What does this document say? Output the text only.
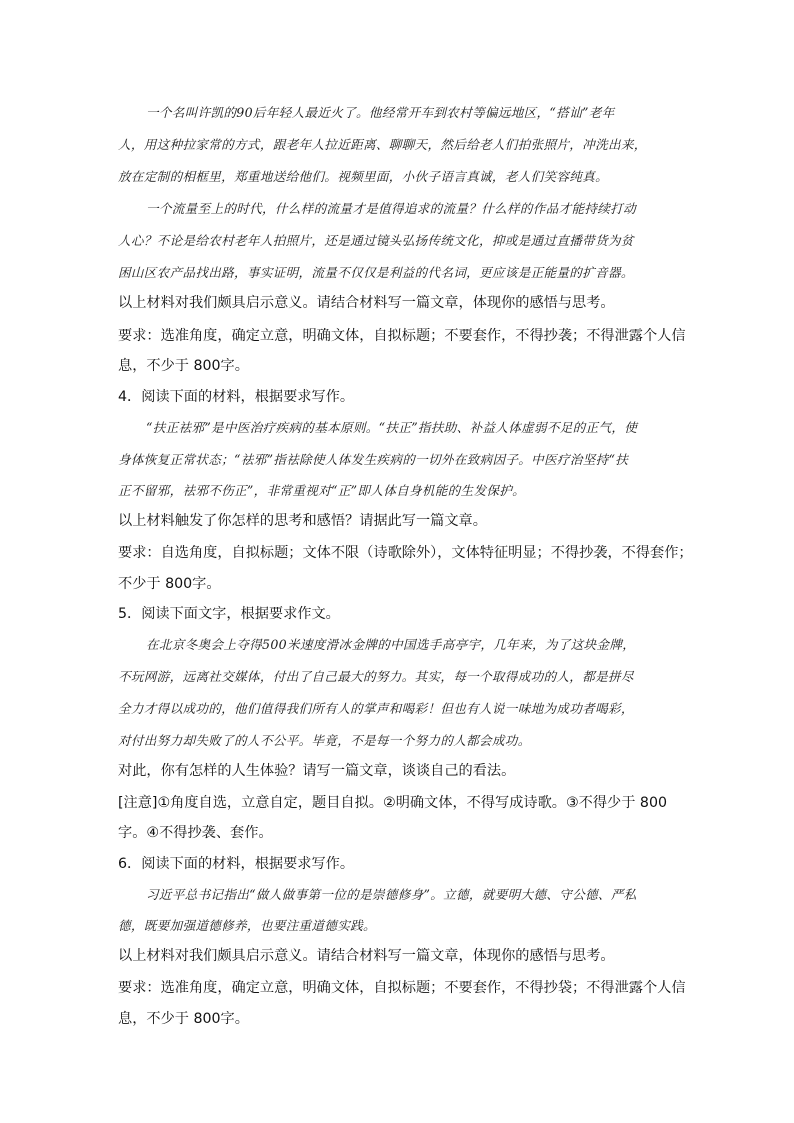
一个名叫许凯的90后年轻人最近火了。他经常开车到农村等偏远地区，“搭讪”老年
人，用这种拉家常的方式，跟老年人拉近距离、聊聊天，然后给老人们拍张照片，冲洗出来，
放在定制的相框里，郑重地送给他们。视频里面，小伙子语言真诚，老人们笑容纯真。
一个流量至上的时代，什么样的流量才是值得追求的流量？什么样的作品才能持续打动
人心？不论是给农村老年人拍照片，还是通过镜头弘扬传统文化，抑或是通过直播带货为贫
困山区农产品找出路，事实证明，流量不仅仅是利益的代名词，更应该是正能量的扩音器。
以上材料对我们颇具启示意义。请结合材料写一篇文章，体现你的感悟与思考。
要求：选准角度，确定立意，明确文体，自拟标题；不要套作，不得抄袭；不得泄露个人信
息，不少于 800字。
4．阅读下面的材料，根据要求写作。
“扶正祛邪”是中医治疗疾病的基本原则。“扶正”指扶助、补益人体虚弱不足的正气，使
身体恢复正常状态；“祛邪”指祛除使人体发生疾病的一切外在致病因子。中医疗治坚持“扶
正不留邪，祛邪不伤正”，非常重视对“正”即人体自身机能的生发保护。
以上材料触发了你怎样的思考和感悟？请据此写一篇文章。
要求：自选角度，自拟标题；文体不限（诗歌除外），文体特征明显；不得抄袭，不得套作；
不少于 800字。
5．阅读下面文字，根据要求作文。
在北京冬奥会上夺得500米速度滑冰金牌的中国选手高亭宇，几年来，为了这块金牌，
不玩网游，远离社交媒体，付出了自己最大的努力。其实，每一个取得成功的人，都是拼尽
全力才得以成功的，他们值得我们所有人的掌声和喝彩！但也有人说一味地为成功者喝彩，
对付出努力却失败了的人不公平。毕竟，不是每一个努力的人都会成功。
对此，你有怎样的人生体验？请写一篇文章，谈谈自己的看法。
[注意]①角度自选，立意自定，题目自拟。②明确文体，不得写成诗歌。③不得少于 800
字。④不得抄袭、套作。
6．阅读下面的材料，根据要求写作。
习近平总书记指出“做人做事第一位的是崇德修身”。立德，就要明大德、守公德、严私
德，既要加强道德修养，也要注重道德实践。
以上材料对我们颇具启示意义。请结合材料写一篇文章，体现你的感悟与思考。
要求：选准角度，确定立意，明确文体，自拟标题；不要套作，不得抄袋；不得泄露个人信
息，不少于 800字。
